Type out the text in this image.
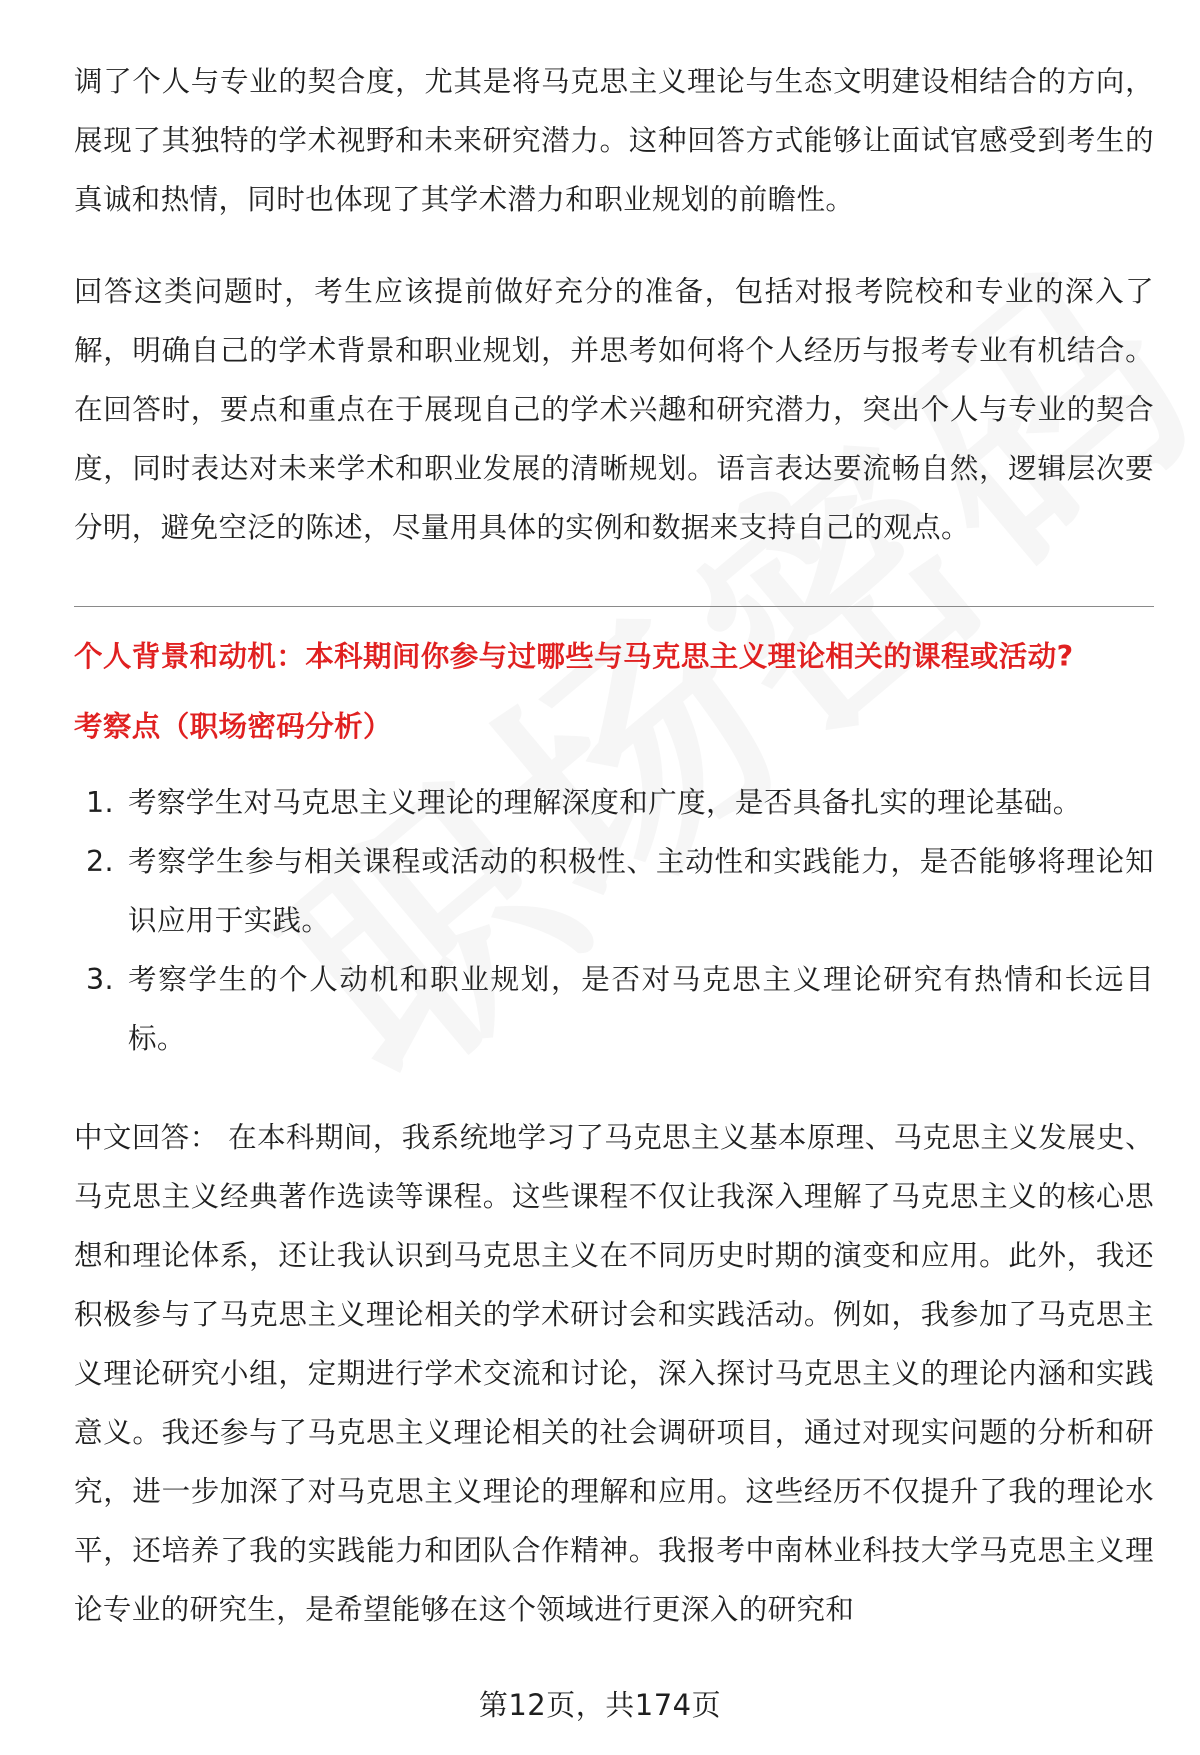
调了个人与专业的契合度，尤其是将马克思主义理论与生态文明建设相结合的方向，展现了其独特的学术视野和未来研究潜力。这种回答方式能够让面试官感受到考生的真诚和热情，同时也体现了其学术潜力和职业规划的前瞻性。

回答这类问题时，考生应该提前做好充分的准备，包括对报考院校和专业的深入了解，明确自己的学术背景和职业规划，并思考如何将个人经历与报考专业有机结合。在回答时，要点和重点在于展现自己的学术兴趣和研究潜力，突出个人与专业的契合度，同时表达对未来学术和职业发展的清晰规划。语言表达要流畅自然，逻辑层次要分明，避免空泛的陈述，尽量用具体的实例和数据来支持自己的观点。

个人背景和动机：本科期间你参与过哪些与马克思主义理论相关的课程或活动?
考察点（职场密码分析）
1. 考察学生对马克思主义理论的理解深度和广度，是否具备扎实的理论基础。
2. 考察学生参与相关课程或活动的积极性、主动性和实践能力，是否能够将理论知识应用于实践。
3. 考察学生的个人动机和职业规划，是否对马克思主义理论研究有热情和长远目标。

中文回答： 在本科期间，我系统地学习了马克思主义基本原理、马克思主义发展史、马克思主义经典著作选读等课程。这些课程不仅让我深入理解了马克思主义的核心思想和理论体系，还让我认识到马克思主义在不同历史时期的演变和应用。此外，我还积极参与了马克思主义理论相关的学术研讨会和实践活动。例如，我参加了马克思主义理论研究小组，定期进行学术交流和讨论，深入探讨马克思主义的理论内涵和实践意义。我还参与了马克思主义理论相关的社会调研项目，通过对现实问题的分析和研究，进一步加深了对马克思主义理论的理解和应用。这些经历不仅提升了我的理论水平，还培养了我的实践能力和团队合作精神。我报考中南林业科技大学马克思主义理论专业的研究生，是希望能够在这个领域进行更深入的研究和

第12页，共174页
